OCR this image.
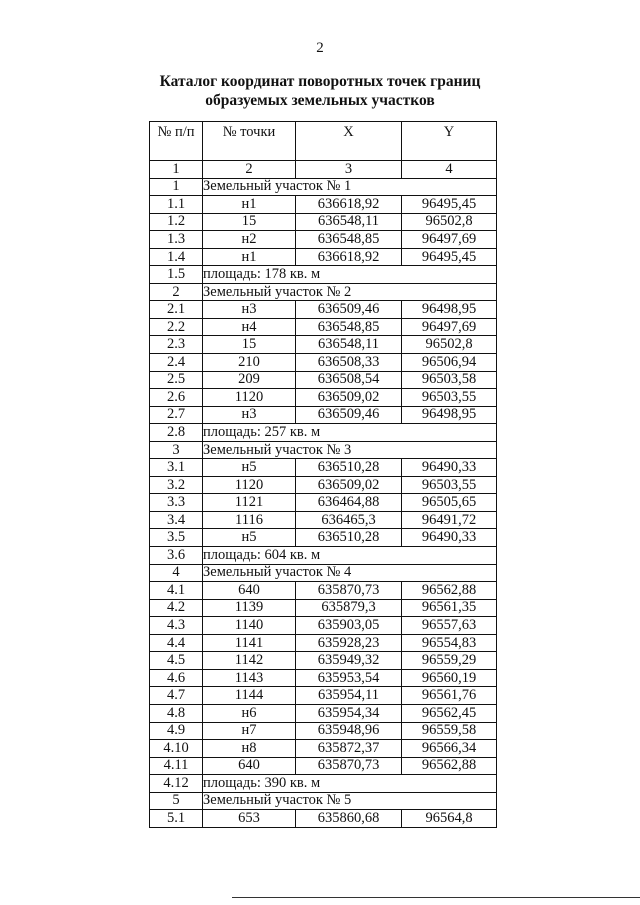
2
Каталог координат поворотных точек границ
образуемых земельных участков
№ п/п	№ точки	X	Y
1	2	3	4
1	Земельный участок № 1		
1.1	н1	636618,92	96495,45
1.2	15	636548,11	96502,8
1.3	н2	636548,85	96497,69
1.4	н1	636618,92	96495,45
1.5	площадь: 178 кв. м		
2	Земельный участок № 2		
2.1	н3	636509,46	96498,95
2.2	н4	636548,85	96497,69
2.3	15	636548,11	96502,8
2.4	210	636508,33	96506,94
2.5	209	636508,54	96503,58
2.6	1120	636509,02	96503,55
2.7	н3	636509,46	96498,95
2.8	площадь: 257 кв. м		
3	Земельный участок № 3		
3.1	н5	636510,28	96490,33
3.2	1120	636509,02	96503,55
3.3	1121	636464,88	96505,65
3.4	1116	636465,3	96491,72
3.5	н5	636510,28	96490,33
3.6	площадь: 604 кв. м		
4	Земельный участок № 4		
4.1	640	635870,73	96562,88
4.2	1139	635879,3	96561,35
4.3	1140	635903,05	96557,63
4.4	1141	635928,23	96554,83
4.5	1142	635949,32	96559,29
4.6	1143	635953,54	96560,19
4.7	1144	635954,11	96561,76
4.8	н6	635954,34	96562,45
4.9	н7	635948,96	96559,58
4.10	н8	635872,37	96566,34
4.11	640	635870,73	96562,88
4.12	площадь: 390 кв. м		
5	Земельный участок № 5		
5.1	653	635860,68	96564,8
